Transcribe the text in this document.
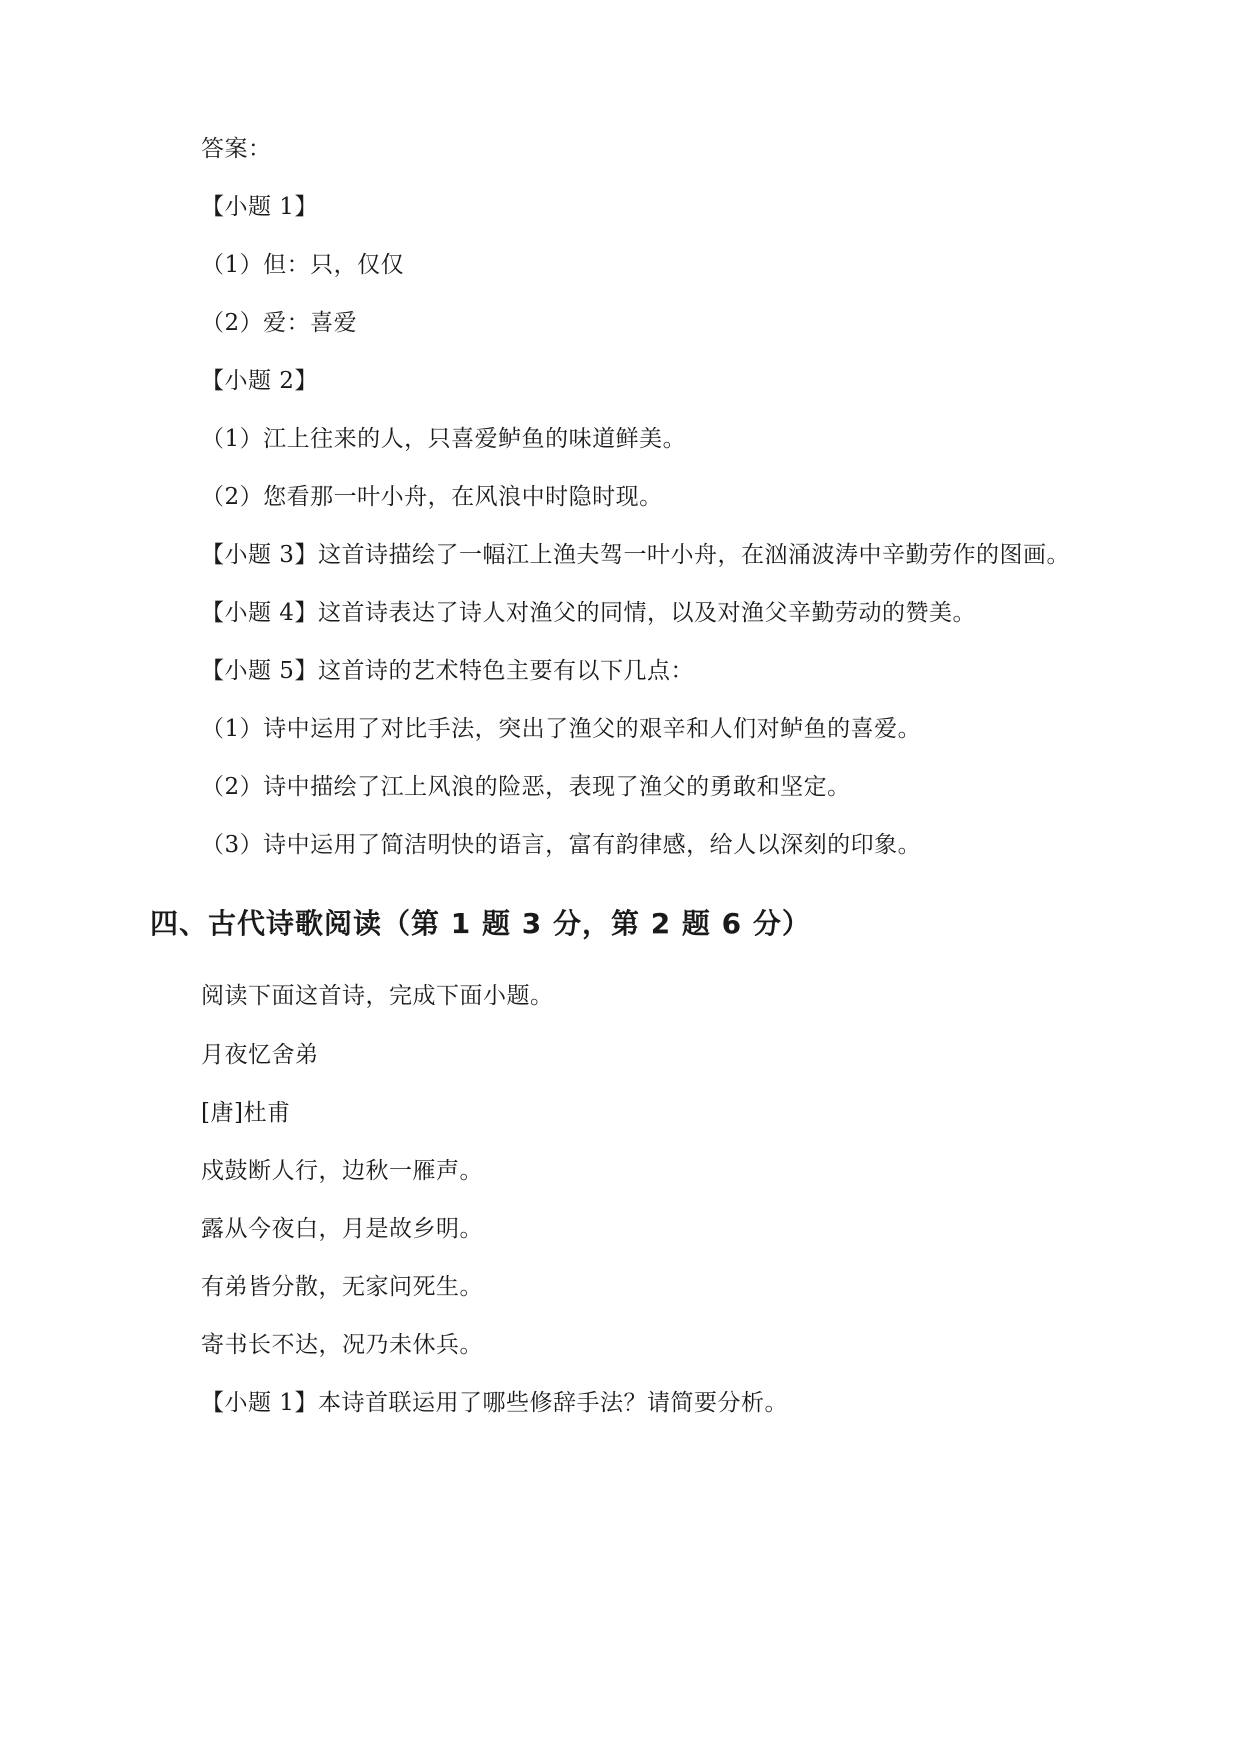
答案：
【小题 1】
（1）但：只，仅仅
（2）爱：喜爱
【小题 2】
（1）江上往来的人，只喜爱鲈鱼的味道鲜美。
（2）您看那一叶小舟，在风浪中时隐时现。
【小题 3】这首诗描绘了一幅江上渔夫驾一叶小舟，在汹涌波涛中辛勤劳作的图画。
【小题 4】这首诗表达了诗人对渔父的同情，以及对渔父辛勤劳动的赞美。
【小题 5】这首诗的艺术特色主要有以下几点：
（1）诗中运用了对比手法，突出了渔父的艰辛和人们对鲈鱼的喜爱。
（2）诗中描绘了江上风浪的险恶，表现了渔父的勇敢和坚定。
（3）诗中运用了简洁明快的语言，富有韵律感，给人以深刻的印象。
四、古代诗歌阅读（第 1 题 3 分，第 2 题 6 分）
阅读下面这首诗，完成下面小题。
月夜忆舍弟
[唐]杜甫
戍鼓断人行，边秋一雁声。
露从今夜白，月是故乡明。
有弟皆分散，无家问死生。
寄书长不达，况乃未休兵。
【小题 1】本诗首联运用了哪些修辞手法？请简要分析。
